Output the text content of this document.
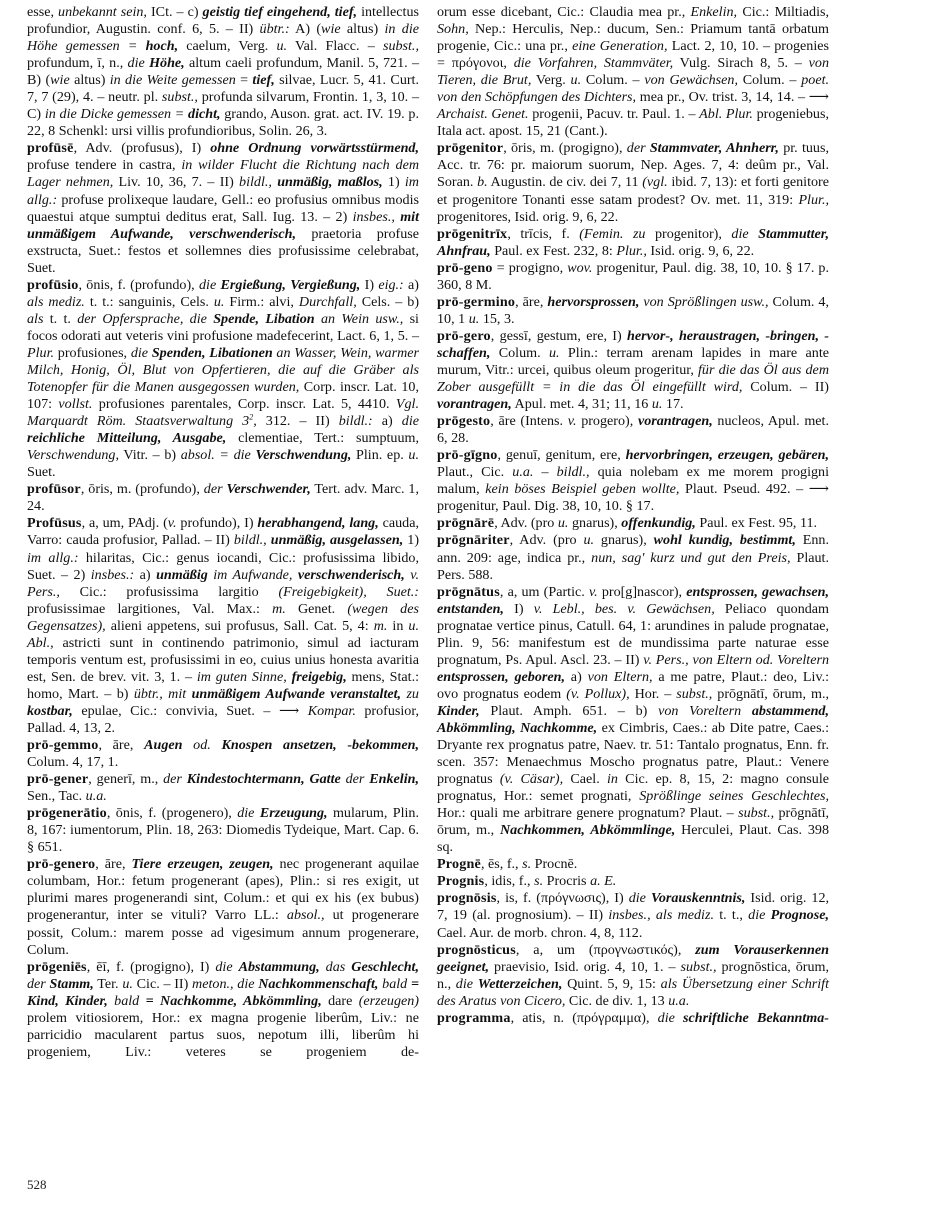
esse, unbekannt sein, ICt. – c) geistig tief eingehend, tief, intellectus profundior, Augustin. conf. 6, 5. – II) übtr.: A) (wie altus) in die Höhe gemessen = hoch, caelum, Verg. u. Val. Flacc. – subst., profundum, ī, n., die Höhe, altum caeli profundum, Manil. 5, 721. – B) (wie altus) in die Weite gemessen = tief, silvae, Lucr. 5, 41. Curt. 7, 7 (29), 4. – neutr. pl. subst., profunda silvarum, Frontin. 1, 3, 10. – C) in die Dicke gemessen = dicht, grando, Auson. grat. act. IV. 19. p. 22, 8 Schenkl: ursi villis profundioribus, Solin. 26, 3.

profūsē, Adv. (profusus), I) ohne Ordnung vorwärtsstürmend, profuse tendere in castra, in wilder Flucht die Richtung nach dem Lager nehmen, Liv. 10, 36, 7. – II) bildl., unmäßig, maßlos, 1) im allg.: profuse prolixeque laudare, Gell.: eo profusius omnibus modis quaestui atque sumptui deditus erat, Sall. Iug. 13. – 2) insbes., mit unmäßigem Aufwande, verschwenderisch, praetoria profuse exstructa, Suet.: festos et sollemnes dies profusissime celebrabat, Suet.

profūsio, ōnis, f. (profundo), die Ergießung, Vergießung, I) eig.: a) als mediz. t. t.: sanguinis, Cels. u. Firm.: alvi, Durchfall, Cels. – b) als t. t. der Opfersprache, die Spende, Libation an Wein usw., si focos odorati aut veteris vini profusione madefecerint, Lact. 6, 1, 5. – Plur. profusiones, die Spenden, Libationen an Wasser, Wein, warmer Milch, Honig, Öl, Blut von Opfertieren, die auf die Gräber als Totenopfer für die Manen ausgegossen wurden, Corp. inscr. Lat. 10, 107: vollst. profusiones parentales, Corp. inscr. Lat. 5, 4410. Vgl. Marquardt Röm. Staatsverwaltung $3^2$, 312. – II) bildl.: a) die reichliche Mitteilung, Ausgabe, clementiae, Tert.: sumptuum, Verschwendung, Vitr. – b) absol. = die Verschwendung, Plin. ep. u. Suet.

profūsor, ōris, m. (profundo), der Verschwender, Tert. adv. Marc. 1, 24.

Profūsus, a, um, PAdj. (v. profundo), I) herabhangend, lang, cauda, Varro: cauda profusior, Pallad. – II) bildl., unmäßig, ausgelassen, 1) im allg.: hilaritas, Cic.: genus iocandi, Cic.: profusissima libido, Suet. – 2) insbes.: a) unmäßig im Aufwande, verschwenderisch, v. Pers., Cic.: profusissima largitio (Freigebigkeit), Suet.: profusissimae largitiones, Val. Max.: m. Genet. (wegen des Gegensatzes), alieni appetens, sui profusus, Sall. Cat. 5, 4: m. in u. Abl., astricti sunt in continendo patrimonio, simul ad iacturam temporis ventum est, profusissimi in eo, cuius unius honesta avaritia est, Sen. de brev. vit. 3, 1. – im guten Sinne, freigebig, mens, Stat.: homo, Mart. – b) übtr., mit unmäßigem Aufwande veranstaltet, zu kostbar, epulae, Cic.: convivia, Suet. – ⟶ Kompar. profusior, Pallad. 4, 13, 2.

prō-gemmo, āre, Augen od. Knospen ansetzen, -bekommen, Colum. 4, 17, 1.

prō-gener, generī, m., der Kindestochtermann, Gatte der Enkelin, Sen., Tac. u.a.

prōgenerātio, ōnis, f. (progenero), die Erzeugung, mularum, Plin. 8, 167: iumentorum, Plin. 18, 263: Diomedis Tydeique, Mart. Cap. 6. § 651.

prō-genero, āre, Tiere erzeugen, zeugen, nec progenerant aquilae columbam, Hor.: fetum progenerant (apes), Plin.: si res exigit, ut plurimi mares progenerandi sint, Colum.: et qui ex his (ex bubus) progenerantur, inter se vituli? Varro LL.: absol., ut progenerare possit, Colum.: marem posse ad vigesimum annum progenerare, Colum.

prōgeniēs, ēī, f. (progigno), I) die Abstammung, das Geschlecht, der Stamm, Ter. u. Cic. – II) meton., die Nachkommenschaft, bald = Kind, Kinder, bald = Nachkomme, Abkömmling, dare (erzeugen) prolem vitiosiorem, Hor.: ex magna progenie liberûm, Liv.: ne parricidio macularent partus suos, nepotum illi, liberûm hi progeniem, Liv.: veteres se progeniem de-

orum esse dicebant, Cic.: Claudia mea pr., Enkelin, Cic.: Miltiadis, Sohn, Nep.: Herculis, Nep.: ducum, Sen.: Priamum tantā orbatum progenie, Cic.: una pr., eine Generation, Lact. 2, 10, 10. – progenies = πρόγονοι, die Vorfahren, Stammväter, Vulg. Sirach 8, 5. – von Tieren, die Brut, Verg. u. Colum. – von Gewächsen, Colum. – poet. von den Schöpfungen des Dichters, mea pr., Ov. trist. 3, 14, 14. – ⟶ Archaist. Genet. progenii, Pacuv. tr. Paul. 1. – Abl. Plur. progeniebus, Itala act. apost. 15, 21 (Cant.).

prōgenitor, ōris, m. (progigno), der Stammvater, Ahnherr, pr. tuus, Acc. tr. 76: pr. maiorum suorum, Nep. Ages. 7, 4: deûm pr., Val. Soran. b. Augustin. de civ. dei 7, 11 (vgl. ibid. 7, 13): et forti genitore et progenitore Tonanti esse satam prodest? Ov. met. 11, 319: Plur., progenitores, Isid. orig. 9, 6, 22.

prōgenitrīx, trīcis, f. (Femin. zu progenitor), die Stammutter, Ahnfrau, Paul. ex Fest. 232, 8: Plur., Isid. orig. 9, 6, 22.

prō-geno = progigno, wov. progenitur, Paul. dig. 38, 10, 10. § 17. p. 360, 8 M.

prō-germino, āre, hervorsprossen, von Sprößlingen usw., Colum. 4, 10, 1 u. 15, 3.

prō-gero, gessī, gestum, ere, I) hervor-, heraustragen, -bringen, -schaffen, Colum. u. Plin.: terram arenam lapides in mare ante murum, Vitr.: urcei, quibus oleum progeritur, für die das Öl aus dem Zober ausgefüllt = in die das Öl eingefüllt wird, Colum. – II) vorantragen, Apul. met. 4, 31; 11, 16 u. 17.

prōgesto, āre (Intens. v. progero), vorantragen, nucleos, Apul. met. 6, 28.

prō-gīgno, genuī, genitum, ere, hervorbringen, erzeugen, gebären, Plaut., Cic. u.a. – bildl., quia nolebam ex me morem progigni malum, kein böses Beispiel geben wollte, Plaut. Pseud. 492. – ⟶ progenitur, Paul. Dig. 38, 10, 10. § 17.

prōgnārē, Adv. (pro u. gnarus), offenkundig, Paul. ex Fest. 95, 11.

prōgnāriter, Adv. (pro u. gnarus), wohl kundig, bestimmt, Enn. ann. 209: age, indica pr., nun, sag' kurz und gut den Preis, Plaut. Pers. 588.

prōgnātus, a, um (Partic. v. pro[g]nascor), entsprossen, gewachsen, entstanden, I) v. Lebl., bes. v. Gewächsen, Peliaco quondam prognatae vertice pinus, Catull. 64, 1: arundines in palude prognatae, Plin. 9, 56: manifestum est de mundissima parte naturae esse prognatum, Ps. Apul. Ascl. 23. – II) v. Pers., von Eltern od. Voreltern entsprossen, geboren, a) von Eltern, a me patre, Plaut.: deo, Liv.: ovo prognatus eodem (v. Pollux), Hor. – subst., prōgnātī, ōrum, m., Kinder, Plaut. Amph. 651. – b) von Voreltern abstammend, Abkömmling, Nachkomme, ex Cimbris, Caes.: ab Dite patre, Caes.: Dryante rex prognatus patre, Naev. tr. 51: Tantalo prognatus, Enn. fr. scen. 357: Menaechmus Moscho prognatus patre, Plaut.: Venere prognatus (v. Cäsar), Cael. in Cic. ep. 8, 15, 2: magno consule prognatus, Hor.: semet prognati, Sprößlinge seines Geschlechtes, Hor.: quali me arbitrare genere prognatum? Plaut. – subst., prōgnātī, ōrum, m., Nachkommen, Abkömmlinge, Herculei, Plaut. Cas. 398 sq.

Prognē, ēs, f., s. Procnē.

Prognis, idis, f., s. Procris a. E.

prognōsis, is, f. (πρόγνωσις), I) die Vorauskenntnis, Isid. orig. 12, 7, 19 (al. prognosium). – II) insbes., als mediz. t. t., die Prognose, Cael. Aur. de morb. chron. 4, 8, 112.

prognōsticus, a, um (προγνωστικός), zum Vorauserkennen geeignet, praevisio, Isid. orig. 4, 10, 1. – subst., prognōstica, ōrum, n., die Wetterzeichen, Quint. 5, 9, 15: als Übersetzung einer Schrift des Aratus von Cicero, Cic. de div. 1, 13 u.a.

programma, atis, n. (πρόγραμμα), die schriftliche Bekanntma-

528
